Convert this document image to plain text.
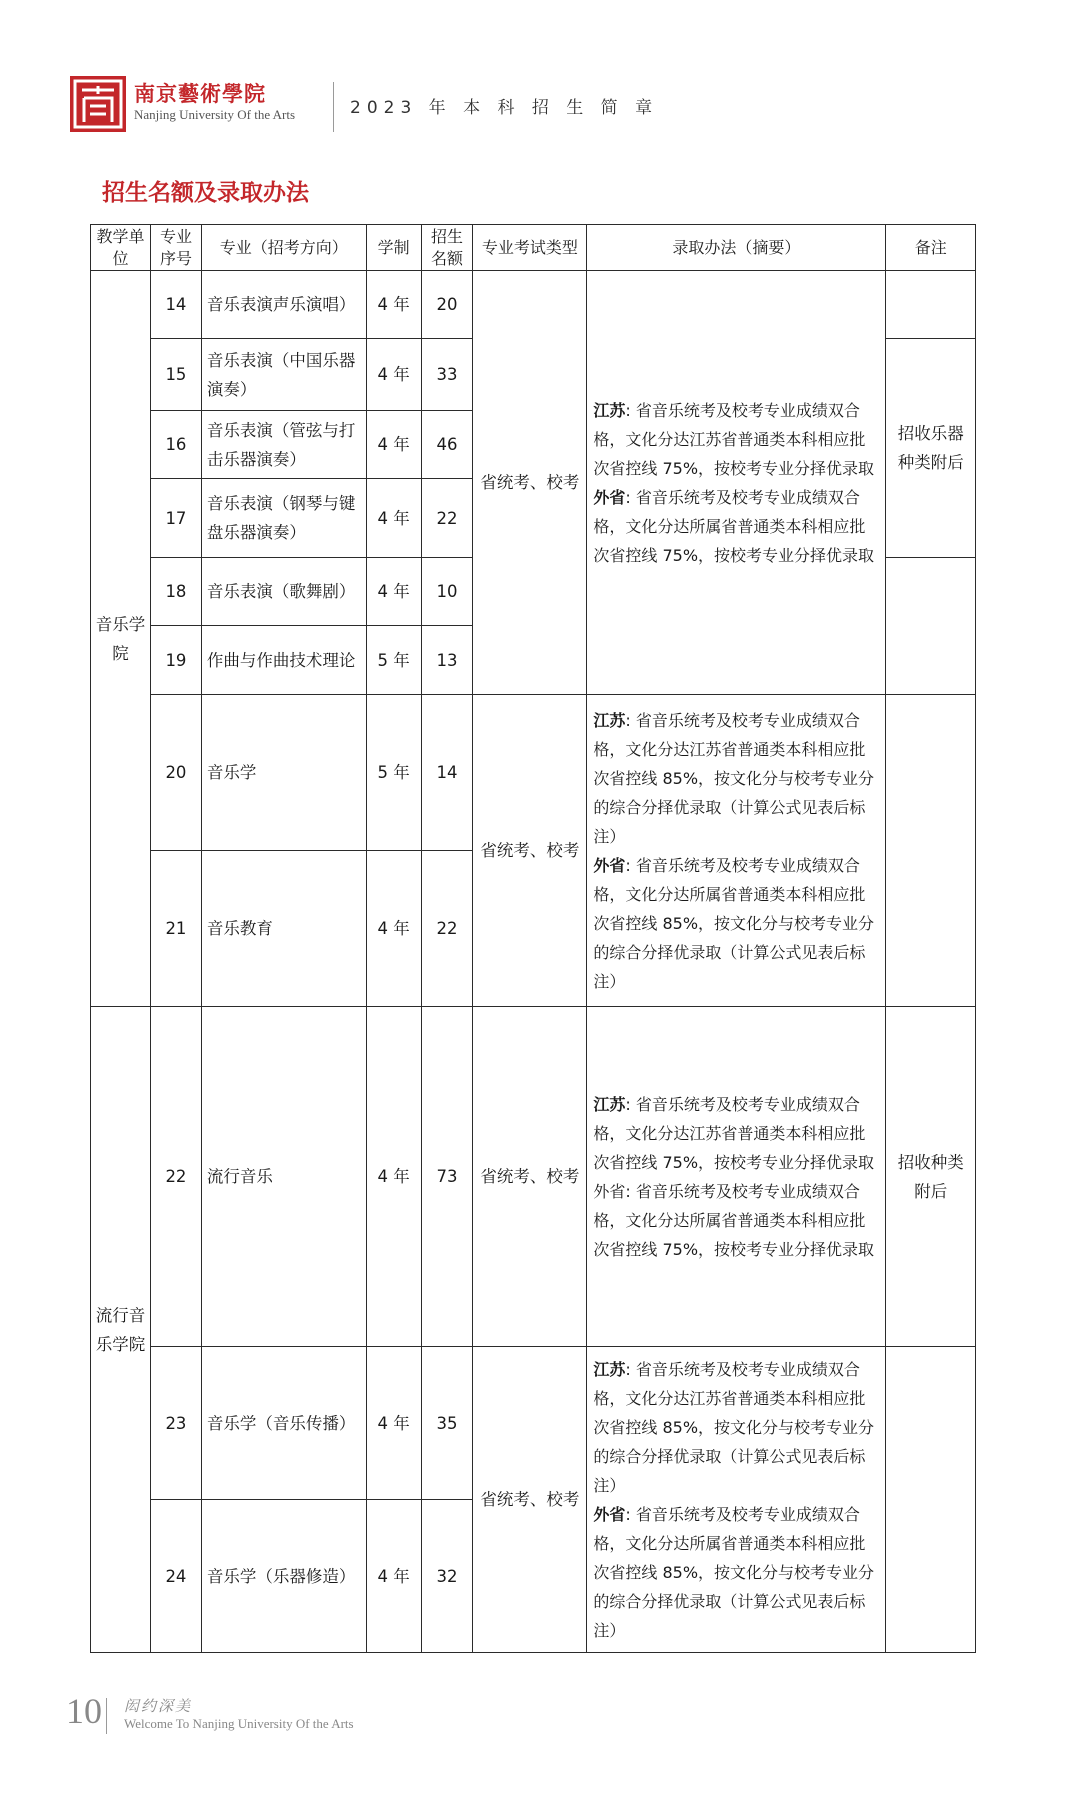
南京藝術學院
Nanjing University Of the Arts	2023 年 本 科 招 生 简 章
招生名额及录取办法
教学单位	专业序号	专业（招考方向）	学制	招生名额	专业考试类型	录取办法（摘要）	备注
音乐学院	14	音乐表演声乐演唱）	4 年	20	省统考、校考	江苏: 省音乐统考及校考专业成绩双合格，文化分达江苏省普通类本科相应批次省控线 75%，按校考专业分择优录取
外省: 省音乐统考及校考专业成绩双合格，文化分达所属省普通类本科相应批次省控线 75%，按校考专业分择优录取	
	15	音乐表演（中国乐器演奏）	4 年	33			招收乐器种类附后
	16	音乐表演（管弦与打击乐器演奏）	4 年	46			
	17	音乐表演（钢琴与键盘乐器演奏）	4 年	22			
	18	音乐表演（歌舞剧）	4 年	10			
	19	作曲与作曲技术理论	5 年	13			
	20	音乐学	5 年	14	省统考、校考	江苏: 省音乐统考及校考专业成绩双合格，文化分达江苏省普通类本科相应批次省控线 85%，按文化分与校考专业分的综合分择优录取（计算公式见表后标注）
外省: 省音乐统考及校考专业成绩双合格，文化分达所属省普通类本科相应批次省控线 85%，按文化分与校考专业分的综合分择优录取（计算公式见表后标注）	
	21	音乐教育	4 年	22			
流行音乐学院	22	流行音乐	4 年	73	省统考、校考	江苏: 省音乐统考及校考专业成绩双合格，文化分达江苏省普通类本科相应批次省控线 75%，按校考专业分择优录取
外省: 省音乐统考及校考专业成绩双合格，文化分达所属省普通类本科相应批次省控线 75%，按校考专业分择优录取	招收种类附后
	23	音乐学（音乐传播）	4 年	35	省统考、校考	江苏: 省音乐统考及校考专业成绩双合格，文化分达江苏省普通类本科相应批次省控线 85%，按文化分与校考专业分的综合分择优录取（计算公式见表后标注）
外省: 省音乐统考及校考专业成绩双合格，文化分达所属省普通类本科相应批次省控线 85%，按文化分与校考专业分的综合分择优录取（计算公式见表后标注）	
	24	音乐学（乐器修造）	4 年	32			
10 闳约深美
Welcome To Nanjing University Of the Arts
